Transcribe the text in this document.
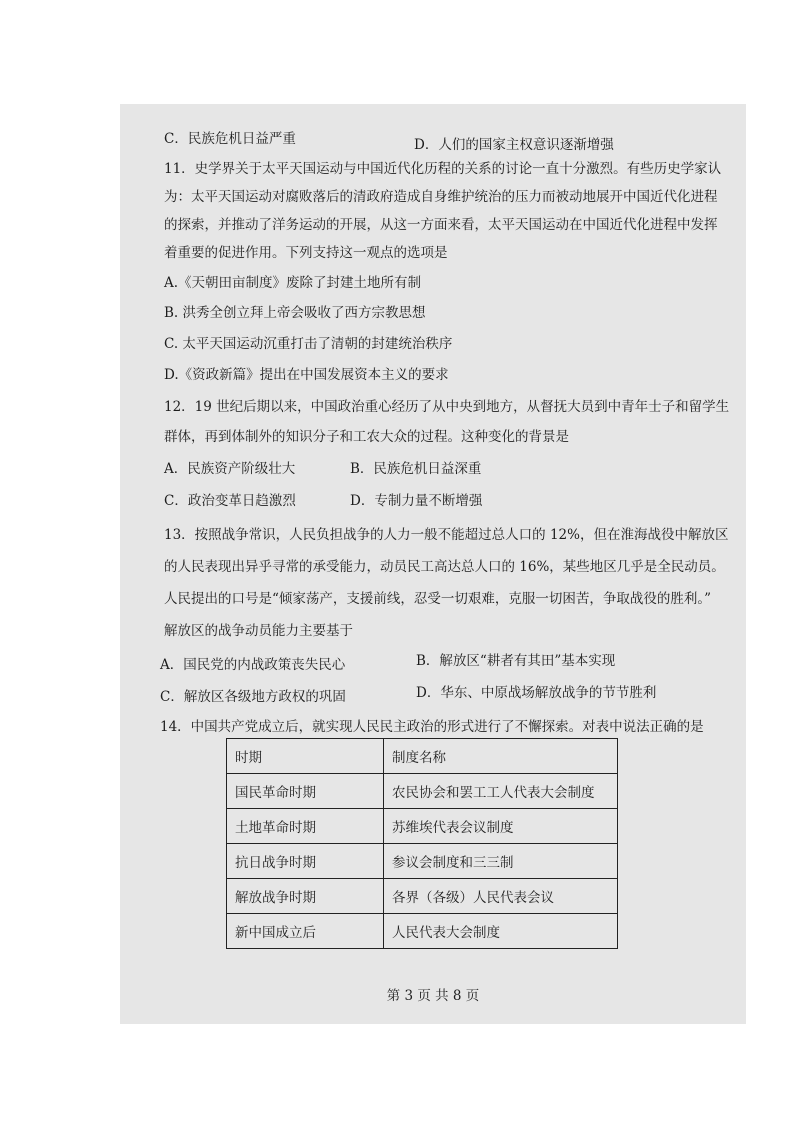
C．民族危机日益严重	D．人们的国家主权意识逐渐增强
11．史学界关于太平天国运动与中国近代化历程的关系的讨论一直十分激烈。有些历史学家认
为：太平天国运动对腐败落后的清政府造成自身维护统治的压力而被动地展开中国近代化进程
的探索，并推动了洋务运动的开展，从这一方面来看，太平天国运动在中国近代化进程中发挥
着重要的促进作用。下列支持这一观点的选项是
A.《天朝田亩制度》废除了封建土地所有制
B. 洪秀全创立拜上帝会吸收了西方宗教思想
C. 太平天国运动沉重打击了清朝的封建统治秩序
D.《资政新篇》提出在中国发展资本主义的要求
12．19 世纪后期以来，中国政治重心经历了从中央到地方，从督抚大员到中青年士子和留学生
群体，再到体制外的知识分子和工农大众的过程。这种变化的背景是
A．民族资产阶级壮大	B．民族危机日益深重
C．政治变革日趋激烈	D．专制力量不断增强
13．按照战争常识，人民负担战争的人力一般不能超过总人口的 12%，但在淮海战役中解放区
的人民表现出异乎寻常的承受能力，动员民工高达总人口的 16%，某些地区几乎是全民动员。
人民提出的口号是“倾家荡产，支援前线，忍受一切艰难，克服一切困苦，争取战役的胜利。”
解放区的战争动员能力主要基于
A．国民党的内战政策丧失民心	B．解放区“耕者有其田”基本实现
C．解放区各级地方政权的巩固	D．华东、中原战场解放战争的节节胜利
14．中国共产党成立后，就实现人民民主政治的形式进行了不懈探索。对表中说法正确的是
时期	制度名称
国民革命时期	农民协会和罢工工人代表大会制度
土地革命时期	苏维埃代表会议制度
抗日战争时期	参议会制度和三三制
解放战争时期	各界（各级）人民代表会议
新中国成立后	人民代表大会制度
第 3 页 共 8 页
